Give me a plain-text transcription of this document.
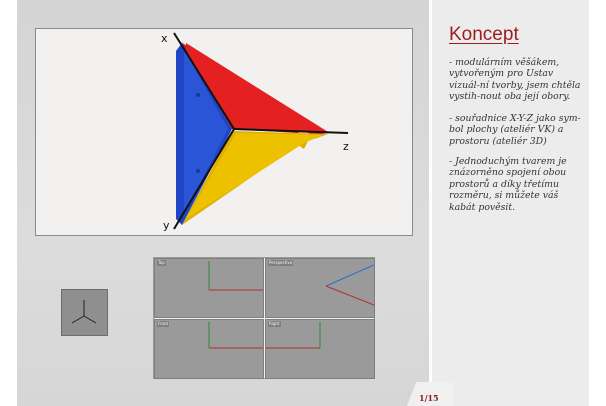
x
y
z
Top	Perspective
Front	Right
Koncept
- modulárním věšákem, vytvořeným pro Ustav vizuál-ní tvorby, jsem chtěla vystih-nout oba její obory.
- souřadnice X-Y-Z jako sym-bol plochy (ateliér VK) a prostoru (ateliér 3D)
- Jednoduchým tvarem je znázorněno spojení obou prostorů a díky třetímu rozměru, si můžete váš kabát pověsit.
1/15
